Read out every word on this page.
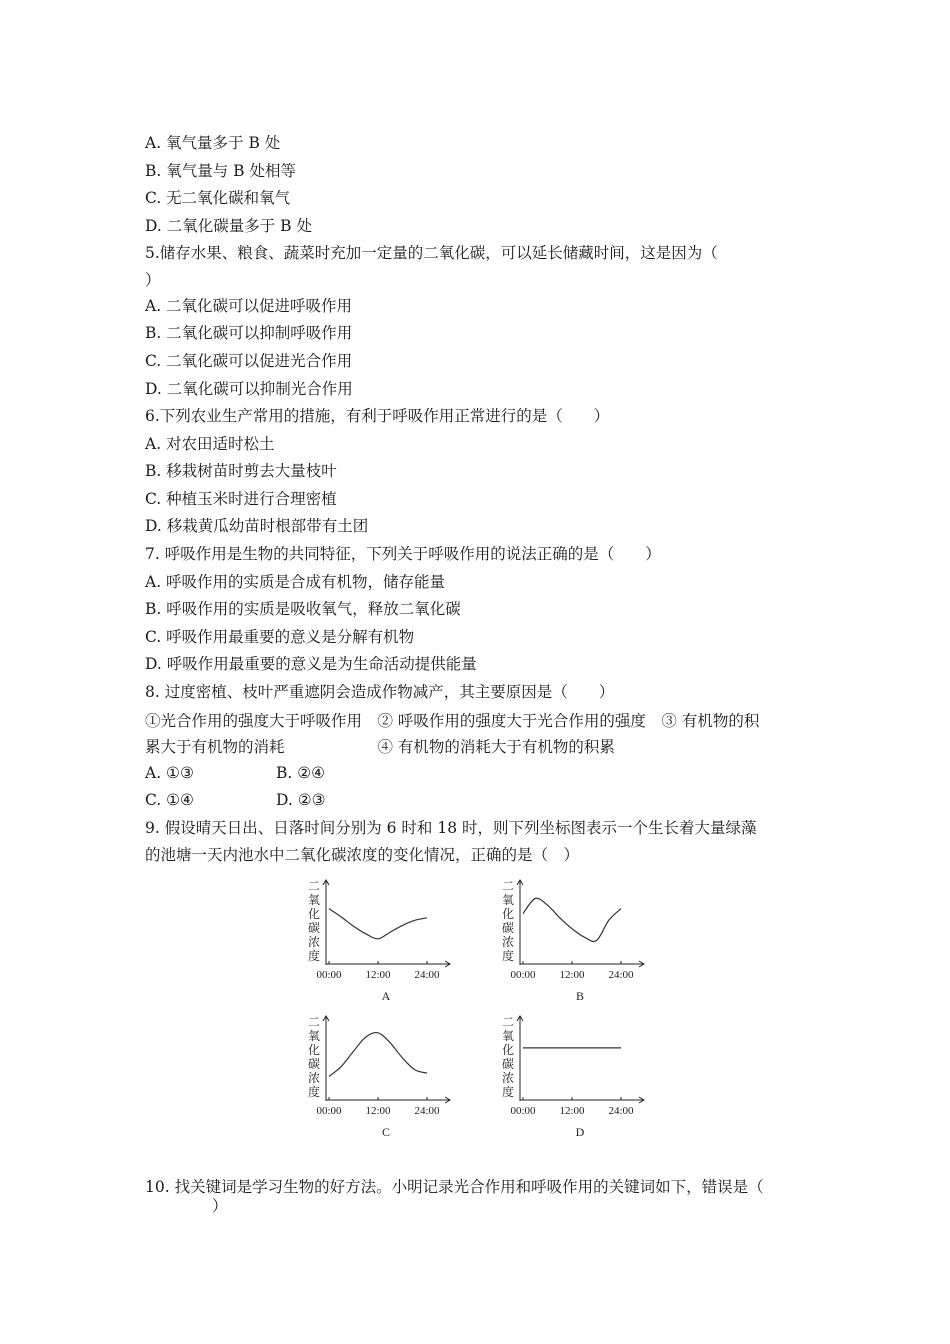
A. 氧气量多于 B 处
B. 氧气量与 B 处相等
C. 无二氧化碳和氧气
D. 二氧化碳量多于 B 处
5.储存水果、粮食、蔬菜时充加一定量的二氧化碳，可以延长储藏时间，这是因为（
）
A. 二氧化碳可以促进呼吸作用
B. 二氧化碳可以抑制呼吸作用
C. 二氧化碳可以促进光合作用
D. 二氧化碳可以抑制光合作用
6.下列农业生产常用的措施，有利于呼吸作用正常进行的是（　　）
A. 对农田适时松土
B. 移栽树苗时剪去大量枝叶
C. 种植玉米时进行合理密植
D. 移栽黄瓜幼苗时根部带有土团
7. 呼吸作用是生物的共同特征，下列关于呼吸作用的说法正确的是（　　）
A. 呼吸作用的实质是合成有机物，储存能量
B. 呼吸作用的实质是吸收氧气，释放二氧化碳
C. 呼吸作用最重要的意义是分解有机物
D. 呼吸作用最重要的意义是为生命活动提供能量
8. 过度密植、枝叶严重遮阴会造成作物减产，其主要原因是（　　）
①光合作用的强度大于呼吸作用　② 呼吸作用的强度大于光合作用的强度　③ 有机物的积
累大于有机物的消耗　　　　　　④ 有机物的消耗大于有机物的积累
A. ①③	B. ②④
C. ①④	D. ②③
9. 假设晴天日出、日落时间分别为 6 时和 18 时，则下列坐标图表示一个生长着大量绿藻
的池塘一天内池水中二氧化碳浓度的变化情况，正确的是（　）
二
氧
化
碳
浓
度
00:00 12:00 24:00
A
二
氧
化
碳
浓
度
00:00 12:00 24:00
B
二
氧
化
碳
浓
度
00:00 12:00 24:00
C
二
氧
化
碳
浓
度
00:00 12:00 24:00
D
10. 找关键词是学习生物的好方法。小明记录光合作用和呼吸作用的关键词如下，错误是（
）
